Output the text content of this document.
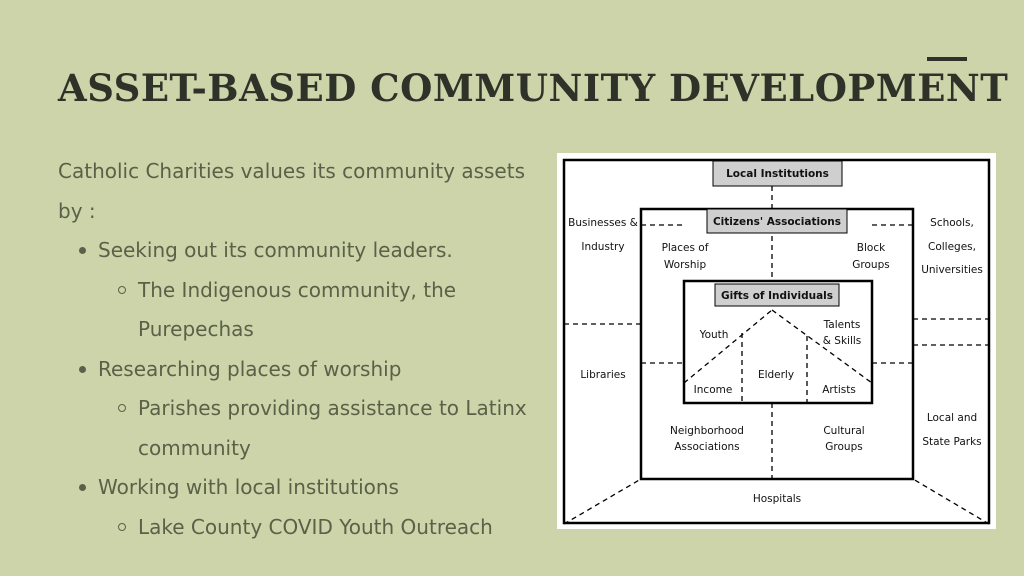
ASSET-BASED COMMUNITY DEVELOPMENT

Catholic Charities values its community assets by :

Seeking out its community leaders.
The Indigenous community, the Purepechas
Researching places of worship
Parishes providing assistance to Latinx community
Working with local institutions
Lake County COVID Youth Outreach
Local Institutions
Citizens' Associations
Gifts of Individuals
Businesses &
Industry
Schools,
Colleges,
Universities
Libraries
Local and
State Parks
Hospitals
Places of
Worship
Block
Groups
Neighborhood
Associations
Cultural
Groups
Youth
Talents
& Skills
Income
Elderly
Artists
